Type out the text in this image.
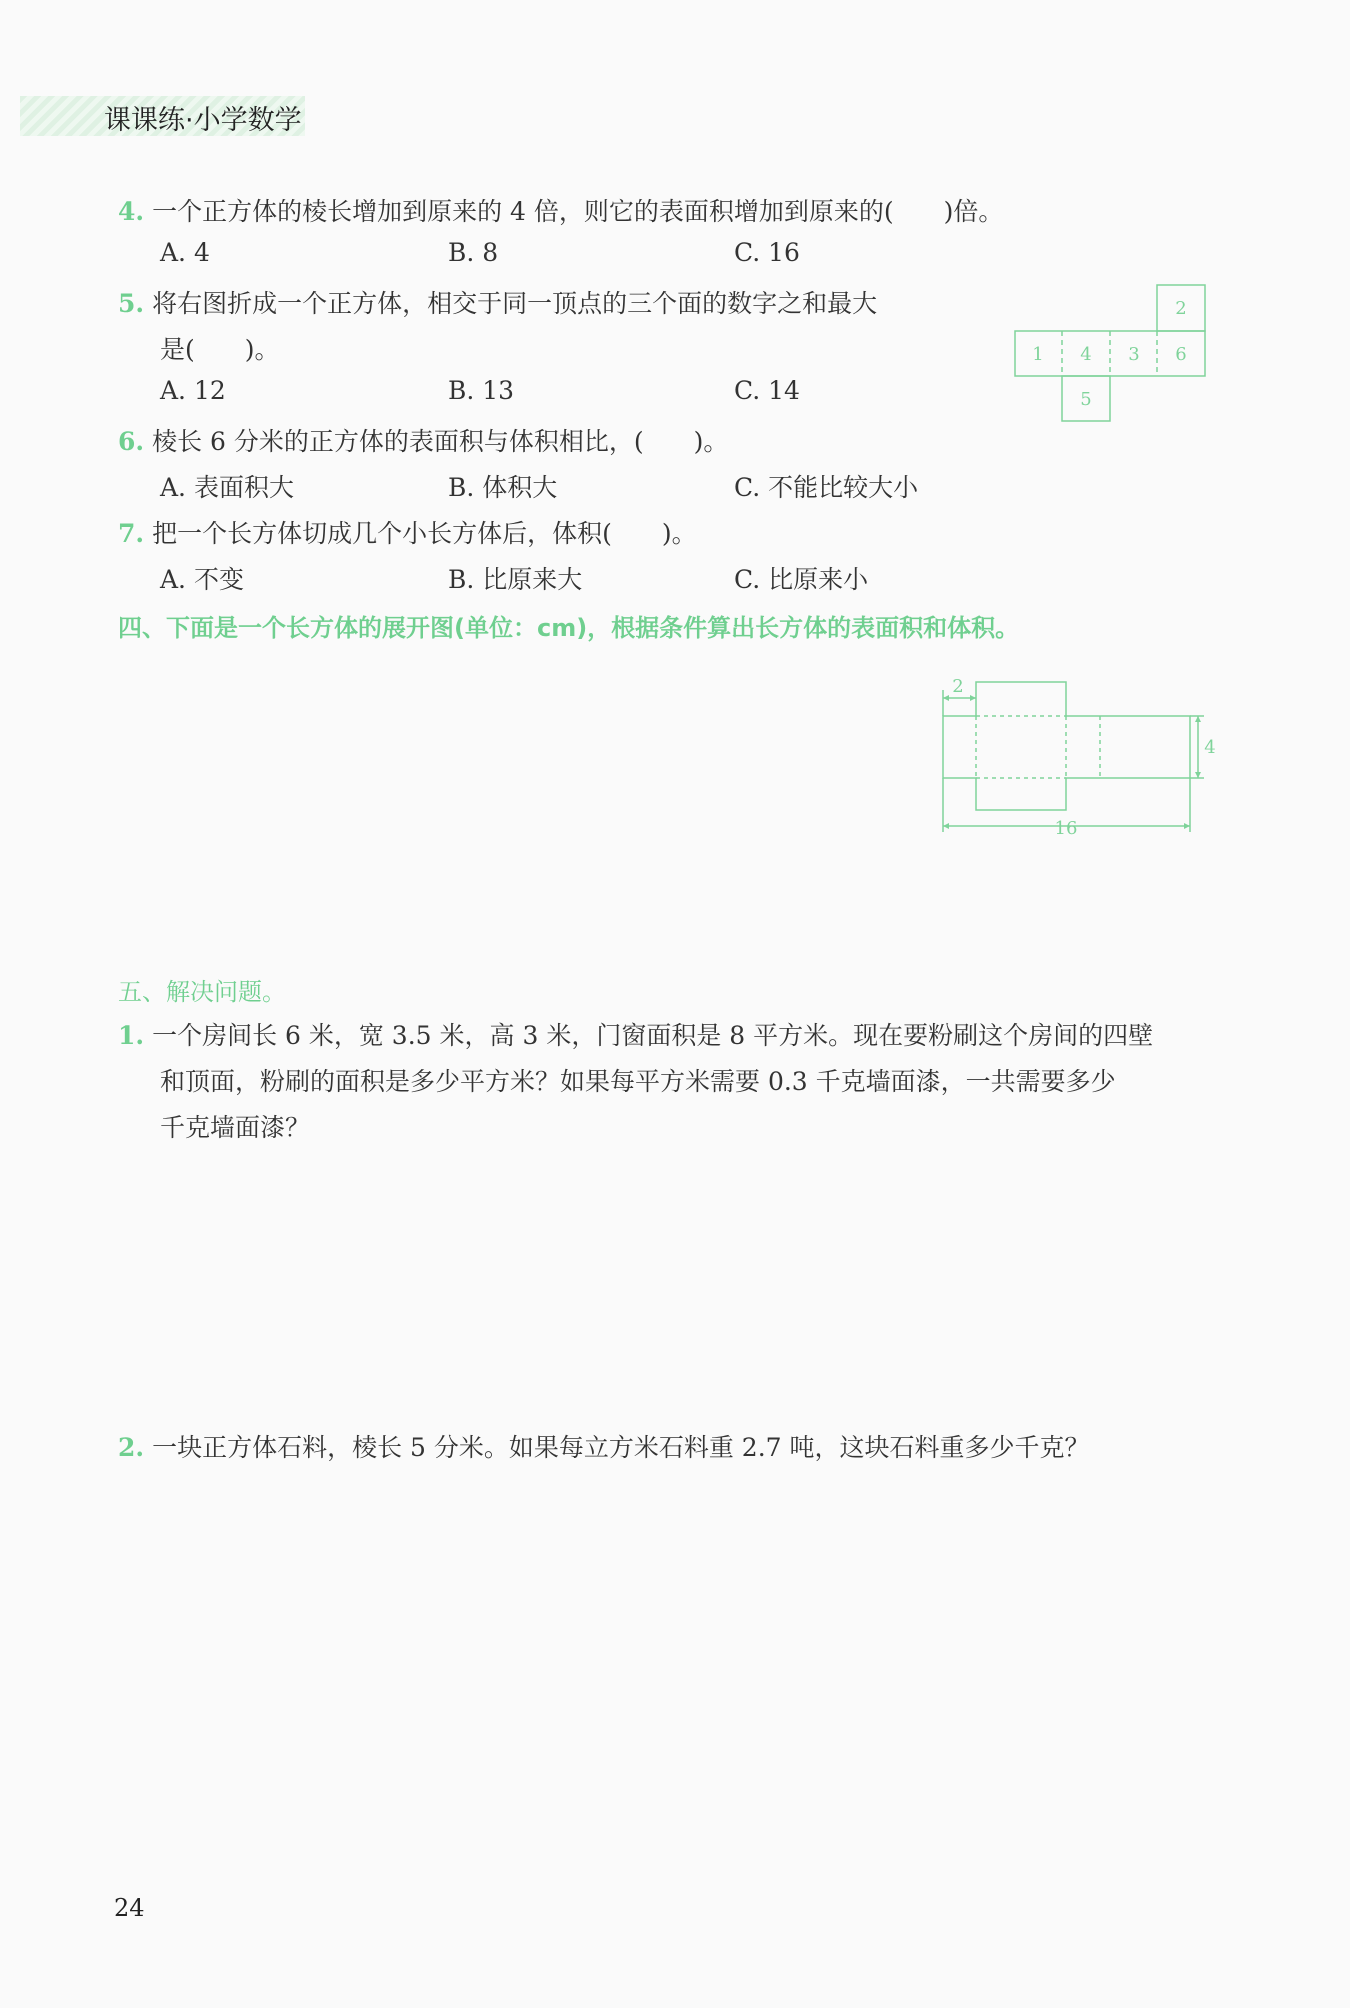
课课练·小学数学
4. 一个正方体的棱长增加到原来的 4 倍，则它的表面积增加到原来的(　　)倍。
A. 4	B. 8	C. 16
5. 将右图折成一个正方体，相交于同一顶点的三个面的数字之和最大
是(　　)。
A. 12	B. 13	C. 14
1 4 3 6
2
5
6. 棱长 6 分米的正方体的表面积与体积相比，(　　)。
A. 表面积大	B. 体积大	C. 不能比较大小
7. 把一个长方体切成几个小长方体后，体积(　　)。
A. 不变	B. 比原来大	C. 比原来小
四、下面是一个长方体的展开图(单位：cm)，根据条件算出长方体的表面积和体积。
2
4
16
五、解决问题。
1. 一个房间长 6 米，宽 3.5 米，高 3 米，门窗面积是 8 平方米。现在要粉刷这个房间的四壁
和顶面，粉刷的面积是多少平方米？如果每平方米需要 0.3 千克墙面漆，一共需要多少
千克墙面漆？
2. 一块正方体石料，棱长 5 分米。如果每立方米石料重 2.7 吨，这块石料重多少千克？
24
